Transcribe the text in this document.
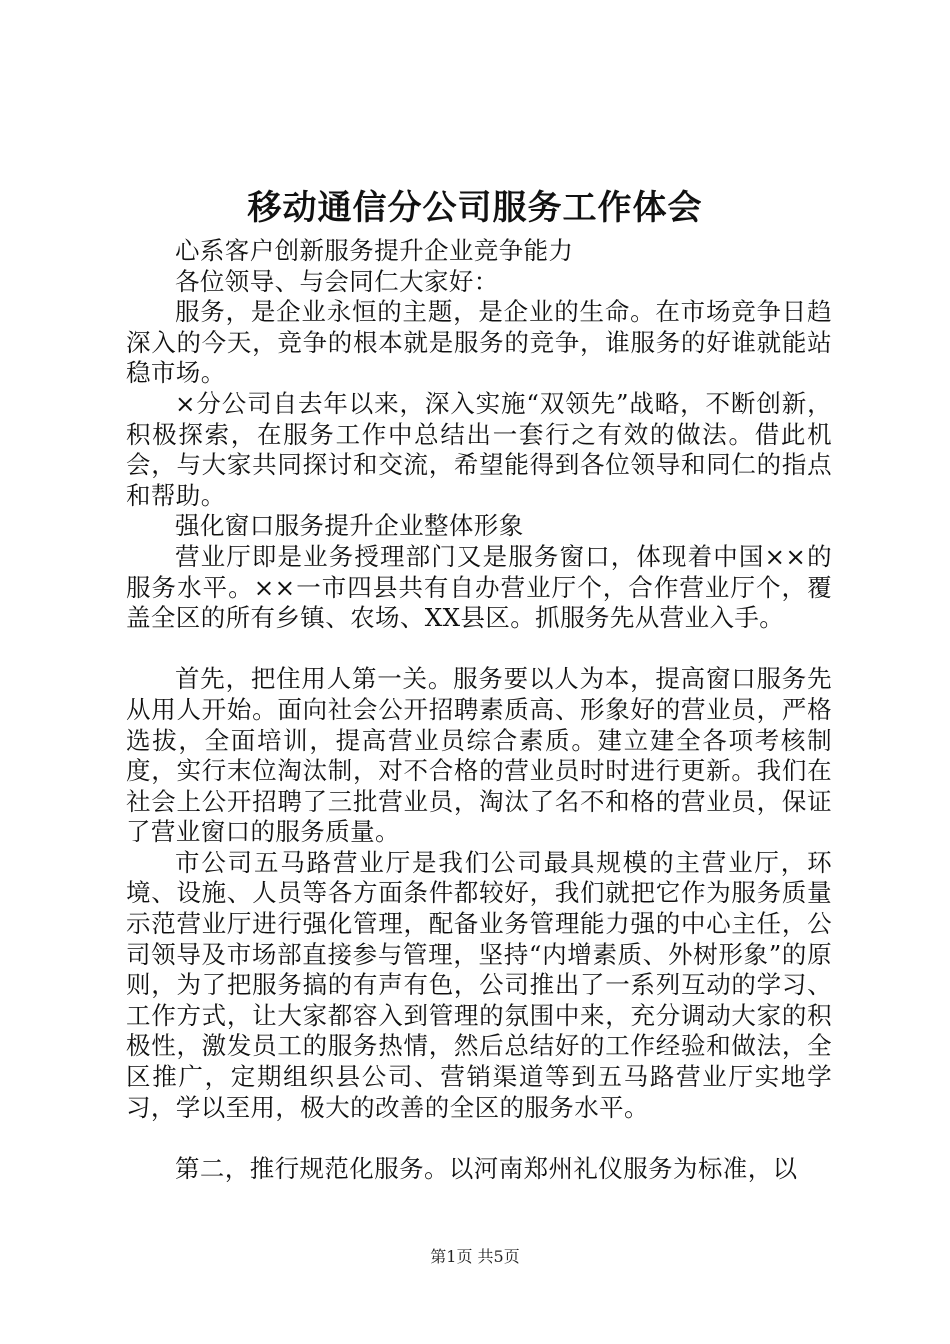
移动通信分公司服务工作体会

心系客户创新服务提升企业竞争能力

各位领导、与会同仁大家好：

服务，是企业永恒的主题，是企业的生命。在市场竞争日趋深入的今天，竞争的根本就是服务的竞争，谁服务的好谁就能站稳市场。

×分公司自去年以来，深入实施“双领先”战略，不断创新，积极探索，在服务工作中总结出一套行之有效的做法。借此机会，与大家共同探讨和交流，希望能得到各位领导和同仁的指点和帮助。

强化窗口服务提升企业整体形象

营业厅即是业务授理部门又是服务窗口，体现着中国××的服务水平。××一市四县共有自办营业厅个，合作营业厅个，覆盖全区的所有乡镇、农场、XX县区。抓服务先从营业入手。

首先，把住用人第一关。服务要以人为本，提高窗口服务先从用人开始。面向社会公开招聘素质高、形象好的营业员，严格选拔，全面培训，提高营业员综合素质。建立建全各项考核制度，实行末位淘汰制，对不合格的营业员时时进行更新。我们在社会上公开招聘了三批营业员，淘汰了名不和格的营业员，保证了营业窗口的服务质量。

市公司五马路营业厅是我们公司最具规模的主营业厅，环境、设施、人员等各方面条件都较好，我们就把它作为服务质量示范营业厅进行强化管理，配备业务管理能力强的中心主任，公司领导及市场部直接参与管理，坚持“内增素质、外树形象”的原则，为了把服务搞的有声有色，公司推出了一系列互动的学习、工作方式，让大家都容入到管理的氛围中来，充分调动大家的积极性，激发员工的服务热情，然后总结好的工作经验和做法，全区推广，定期组织县公司、营销渠道等到五马路营业厅实地学习，学以至用，极大的改善的全区的服务水平。

第二，推行规范化服务。以河南郑州礼仪服务为标准，以

第1页 共5页
